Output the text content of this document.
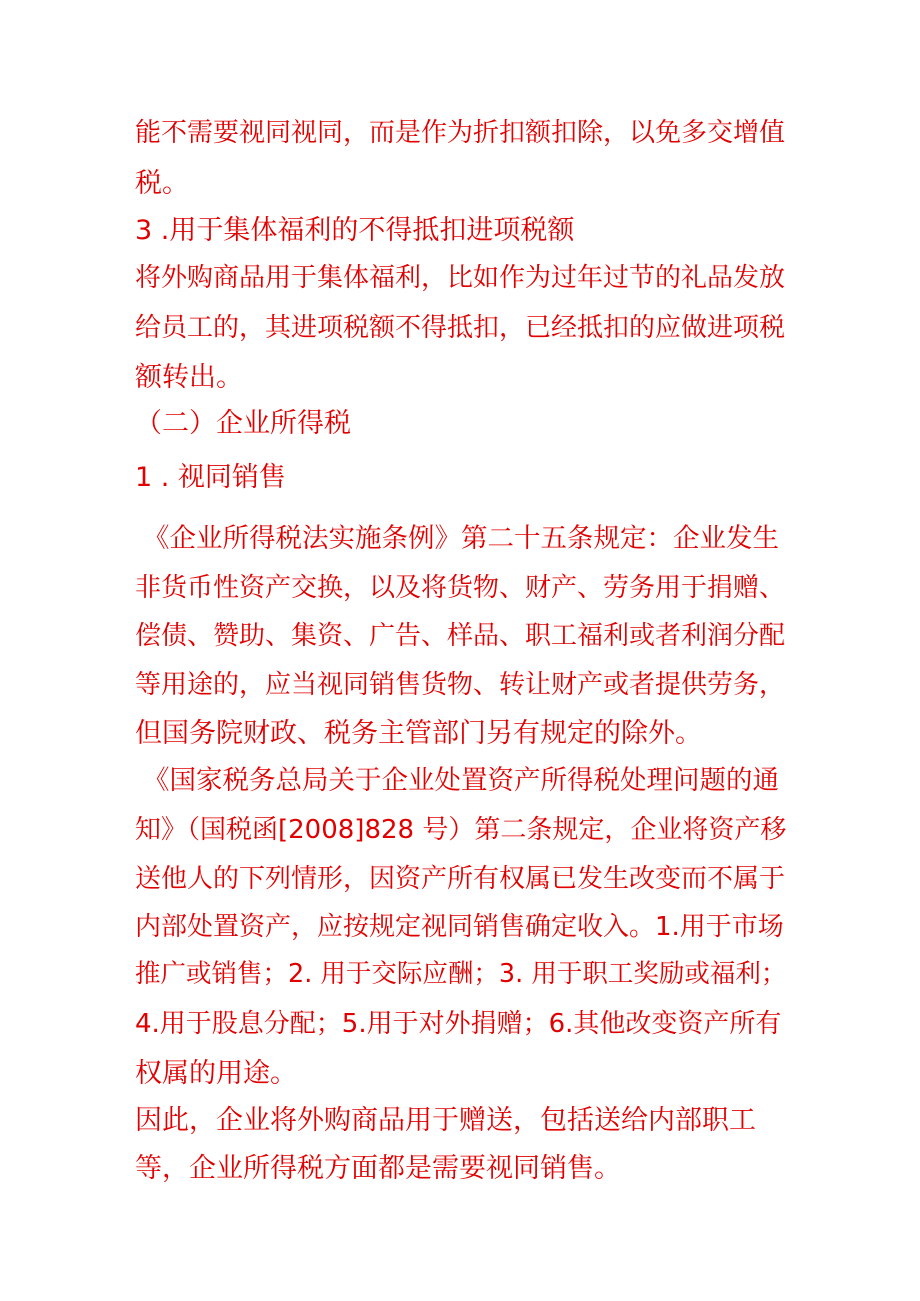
能不需要视同视同，而是作为折扣额扣除，以免多交增值
税。
3 .用于集体福利的不得抵扣进项税额
将外购商品用于集体福利，比如作为过年过节的礼品发放
给员工的，其进项税额不得抵扣，已经抵扣的应做进项税
额转出。
（二）企业所得税
1 . 视同销售
《企业所得税法实施条例》第二十五条规定：企业发生
非货币性资产交换，以及将货物、财产、劳务用于捐赠、
偿债、赞助、集资、广告、样品、职工福利或者利润分配
等用途的，应当视同销售货物、转让财产或者提供劳务，
但国务院财政、税务主管部门另有规定的除外。
《国家税务总局关于企业处置资产所得税处理问题的通
知》（国税函[2008]828 号）第二条规定，企业将资产移
送他人的下列情形，因资产所有权属已发生改变而不属于
内部处置资产，应按规定视同销售确定收入。1.用于市场
推广或销售；2. 用于交际应酬；3. 用于职工奖励或福利；
4.用于股息分配；5.用于对外捐赠；6.其他改变资产所有
权属的用途。
因此，企业将外购商品用于赠送，包括送给内部职工
等，企业所得税方面都是需要视同销售。
